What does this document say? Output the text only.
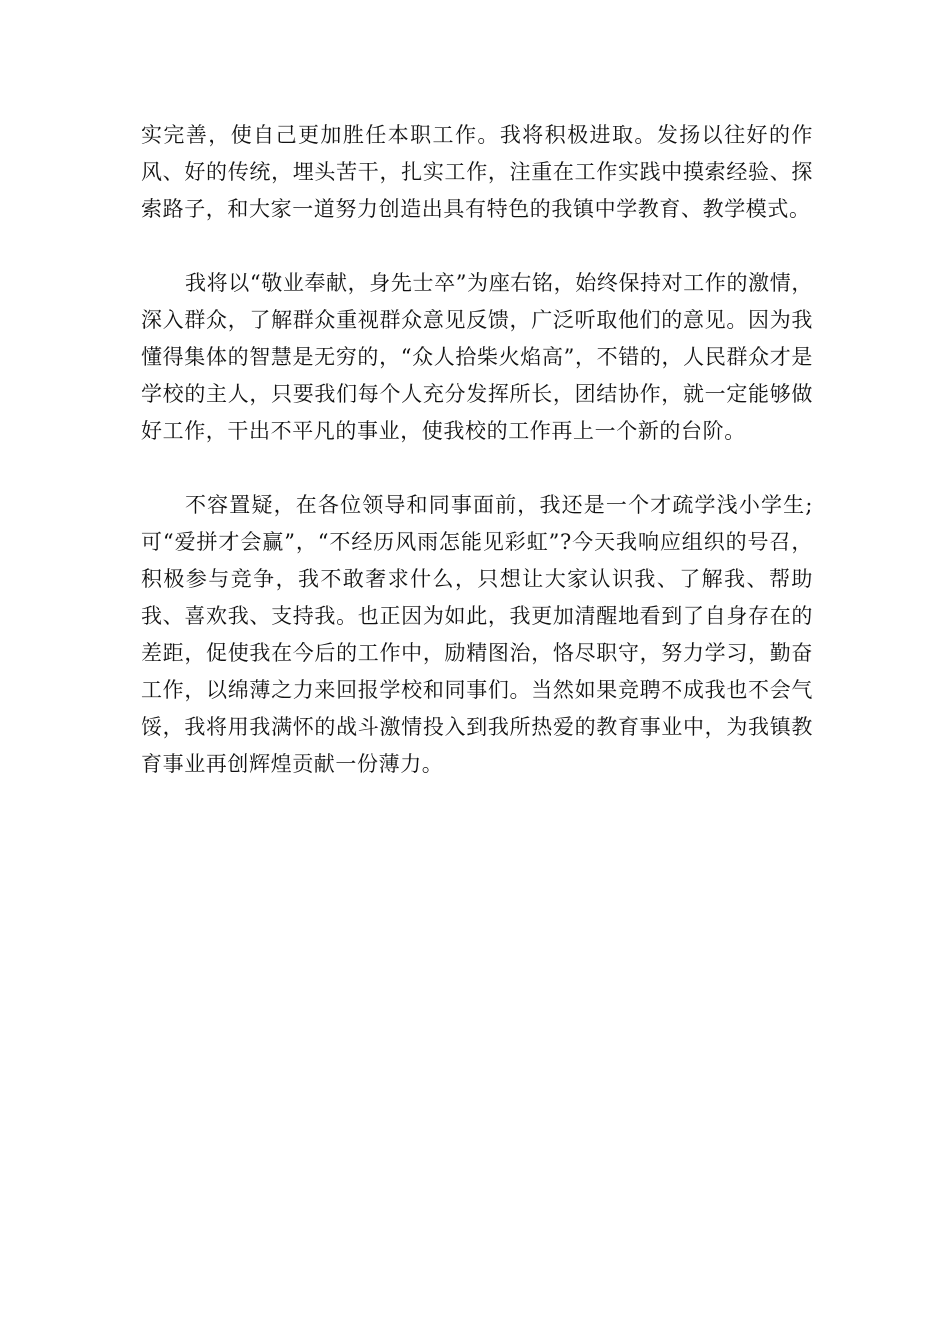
实完善，使自己更加胜任本职工作。我将积极进取。发扬以往好的作风、好的传统，埋头苦干，扎实工作，注重在工作实践中摸索经验、探索路子，和大家一道努力创造出具有特色的我镇中学教育、教学模式。

我将以“敬业奉献，身先士卒”为座右铭，始终保持对工作的激情，深入群众，了解群众重视群众意见反馈，广泛听取他们的意见。因为我懂得集体的智慧是无穷的，“众人拾柴火焰高”，不错的，人民群众才是学校的主人，只要我们每个人充分发挥所长，团结协作，就一定能够做好工作，干出不平凡的事业，使我校的工作再上一个新的台阶。

不容置疑，在各位领导和同事面前，我还是一个才疏学浅小学生;可“爱拼才会赢”，“不经历风雨怎能见彩虹”?今天我响应组织的号召，积极参与竞争，我不敢奢求什么，只想让大家认识我、了解我、帮助我、喜欢我、支持我。也正因为如此，我更加清醒地看到了自身存在的差距，促使我在今后的工作中，励精图治，恪尽职守，努力学习，勤奋工作，以绵薄之力来回报学校和同事们。当然如果竞聘不成我也不会气馁，我将用我满怀的战斗激情投入到我所热爱的教育事业中，为我镇教育事业再创辉煌贡献一份薄力。
